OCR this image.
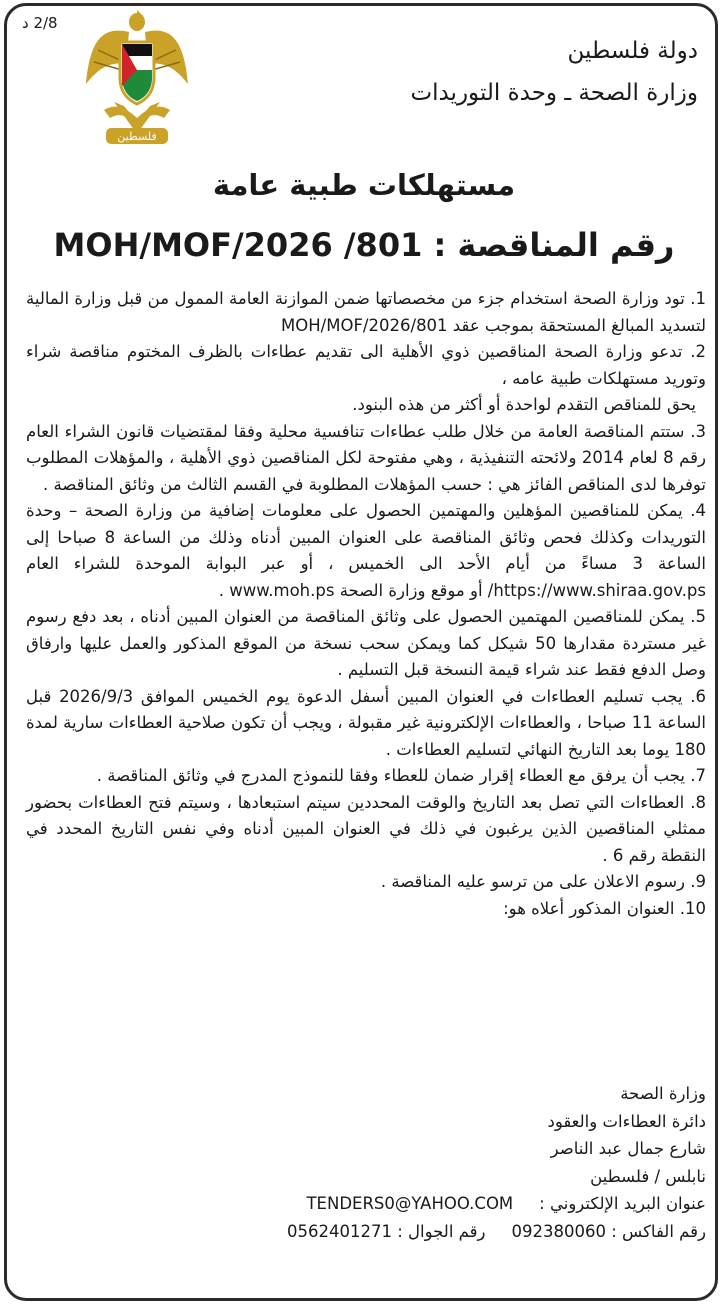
2/8 د
فلسطين
دولة فلسطين
وزارة الصحة ـ وحدة التوريدات
مستهلكات طبية عامة
رقم المناقصة : 801/ MOH/MOF/2026

1. تود وزارة الصحة استخدام جزء من مخصصاتها ضمن الموازنة العامة الممول من قبل وزارة المالية لتسديد المبالغ المستحقة بموجب عقد 801/MOH/MOF/2026

2. تدعو وزارة الصحة المناقصين ذوي الأهلية الى تقديم عطاءات بالظرف المختوم مناقصة شراء وتوريد مستهلكات طبية عامه ،

يحق للمناقص التقدم لواحدة أو أكثر من هذه البنود.

3. ستتم المناقصة العامة من خلال طلب عطاءات تنافسية محلية وفقا لمقتضيات قانون الشراء العام رقم 8 لعام 2014 ولائحته التنفيذية ، وهي مفتوحة لكل المناقصين ذوي الأهلية ، والمؤهلات المطلوب توفرها لدى المناقص الفائز هي : حسب المؤهلات المطلوبة في القسم الثالث من وثائق المناقصة .

4. يمكن للمناقصين المؤهلين والمهتمين الحصول على معلومات إضافية من وزارة الصحة – وحدة التوريدات وكذلك فحص وثائق المناقصة على العنوان المبين أدناه وذلك من الساعة 8 صباحا إلى الساعة 3 مساءً من أيام الأحد الى الخميس ، أو عبر البوابة الموحدة للشراء العام https://www.shiraa.gov.ps/ أو موقع وزارة الصحة www.moh.ps .

5. يمكن للمناقصين المهتمين الحصول على وثائق المناقصة من العنوان المبين أدناه ، بعد دفع رسوم غير مستردة مقدارها 50 شيكل كما ويمكن سحب نسخة من الموقع المذكور والعمل عليها وارفاق وصل الدفع فقط عند شراء قيمة النسخة قبل التسليم .

6. يجب تسليم العطاءات في العنوان المبين أسفل الدعوة يوم الخميس الموافق 2026/9/3 قبل الساعة 11 صباحا ، والعطاءات الإلكترونية غير مقبولة ، ويجب أن تكون صلاحية العطاءات سارية لمدة 180 يوما بعد التاريخ النهائي لتسليم العطاءات .

7. يجب أن يرفق مع العطاء إقرار ضمان للعطاء وفقا للنموذج المدرج في وثائق المناقصة .

8. العطاءات التي تصل بعد التاريخ والوقت المحددين سيتم استبعادها ، وسيتم فتح العطاءات بحضور ممثلي المناقصين الذين يرغبون في ذلك في العنوان المبين أدناه وفي نفس التاريخ المحدد في النقطة رقم 6 .

9. رسوم الاعلان على من ترسو عليه المناقصة .

10. العنوان المذكور أعلاه هو:

وزارة الصحة
دائرة العطاءات والعقود
شارع جمال عبد الناصر
نابلس / فلسطين
عنوان البريد الإلكتروني :
TENDERS0@YAHOO.COM
رقم الفاكس : 092380060
رقم الجوال : 0562401271
